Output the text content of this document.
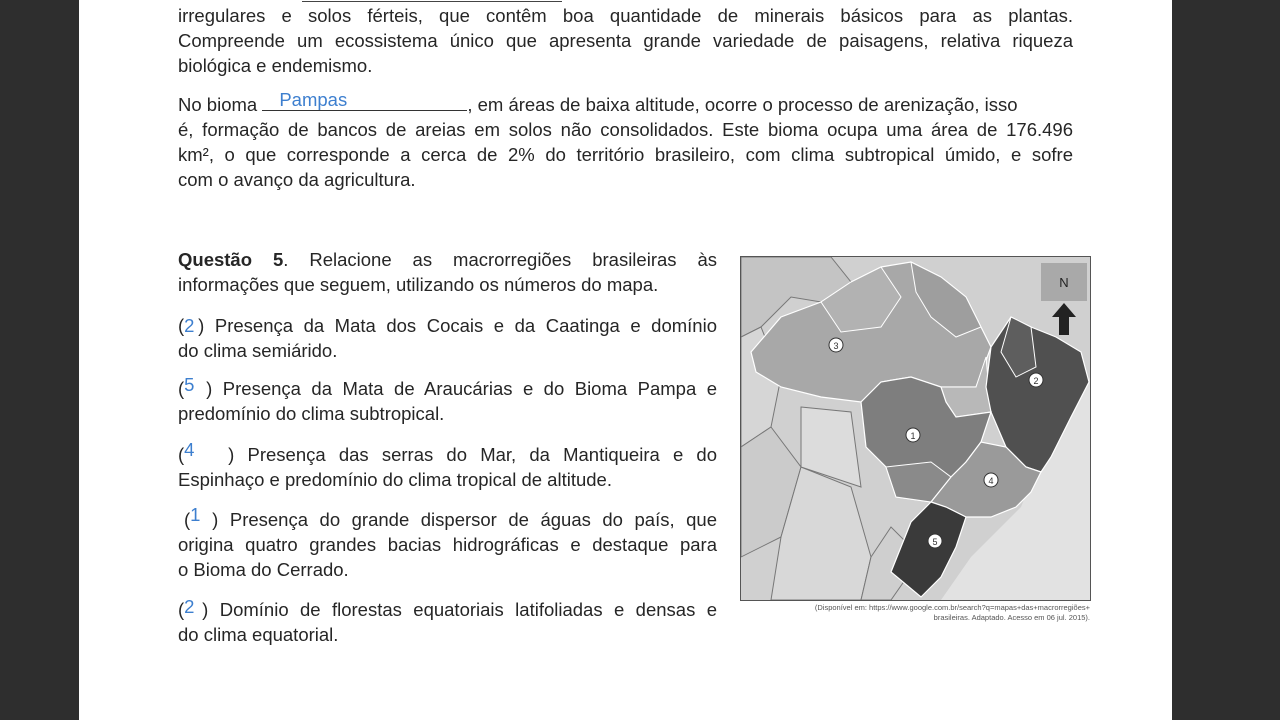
irregulares e solos férteis, que contêm boa quantidade de minerais básicos para as plantas.
Compreende um ecossistema único que apresenta grande variedade de paisagens, relativa riqueza
biológica e endemismo.
No bioma Pampas	, em áreas de baixa altitude, ocorre o processo de arenização, isso
é, formação de bancos de areias em solos não consolidados. Este bioma ocupa uma área de 176.496
km², o que corresponde a cerca de 2% do território brasileiro, com clima subtropical úmido, e sofre
com o avanço da agricultura.
Questão 5. Relacione as macrorregiões brasileiras às
informações que seguem, utilizando os números do mapa.
(2 ) Presença da Mata dos Cocais e da Caatinga e domínio
do clima semiárido.
(5 ) Presença da Mata de Araucárias e do Bioma Pampa e
predomínio do clima subtropical.
(4 ) Presença das serras do Mar, da Mantiqueira e do
Espinhaço e predomínio do clima tropical de altitude.
(1 ) Presença do grande dispersor de águas do país, que
origina quatro grandes bacias hidrográficas e destaque para
o Bioma do Cerrado.
(2 ) Domínio de florestas equatoriais latifoliadas e densas e
do clima equatorial.
3
2
1
4
5
N
(Disponível em: https://www.google.com.br/search?q=mapas+das+macrorregiões+
brasileiras. Adaptado. Acesso em 06 jul. 2015).
